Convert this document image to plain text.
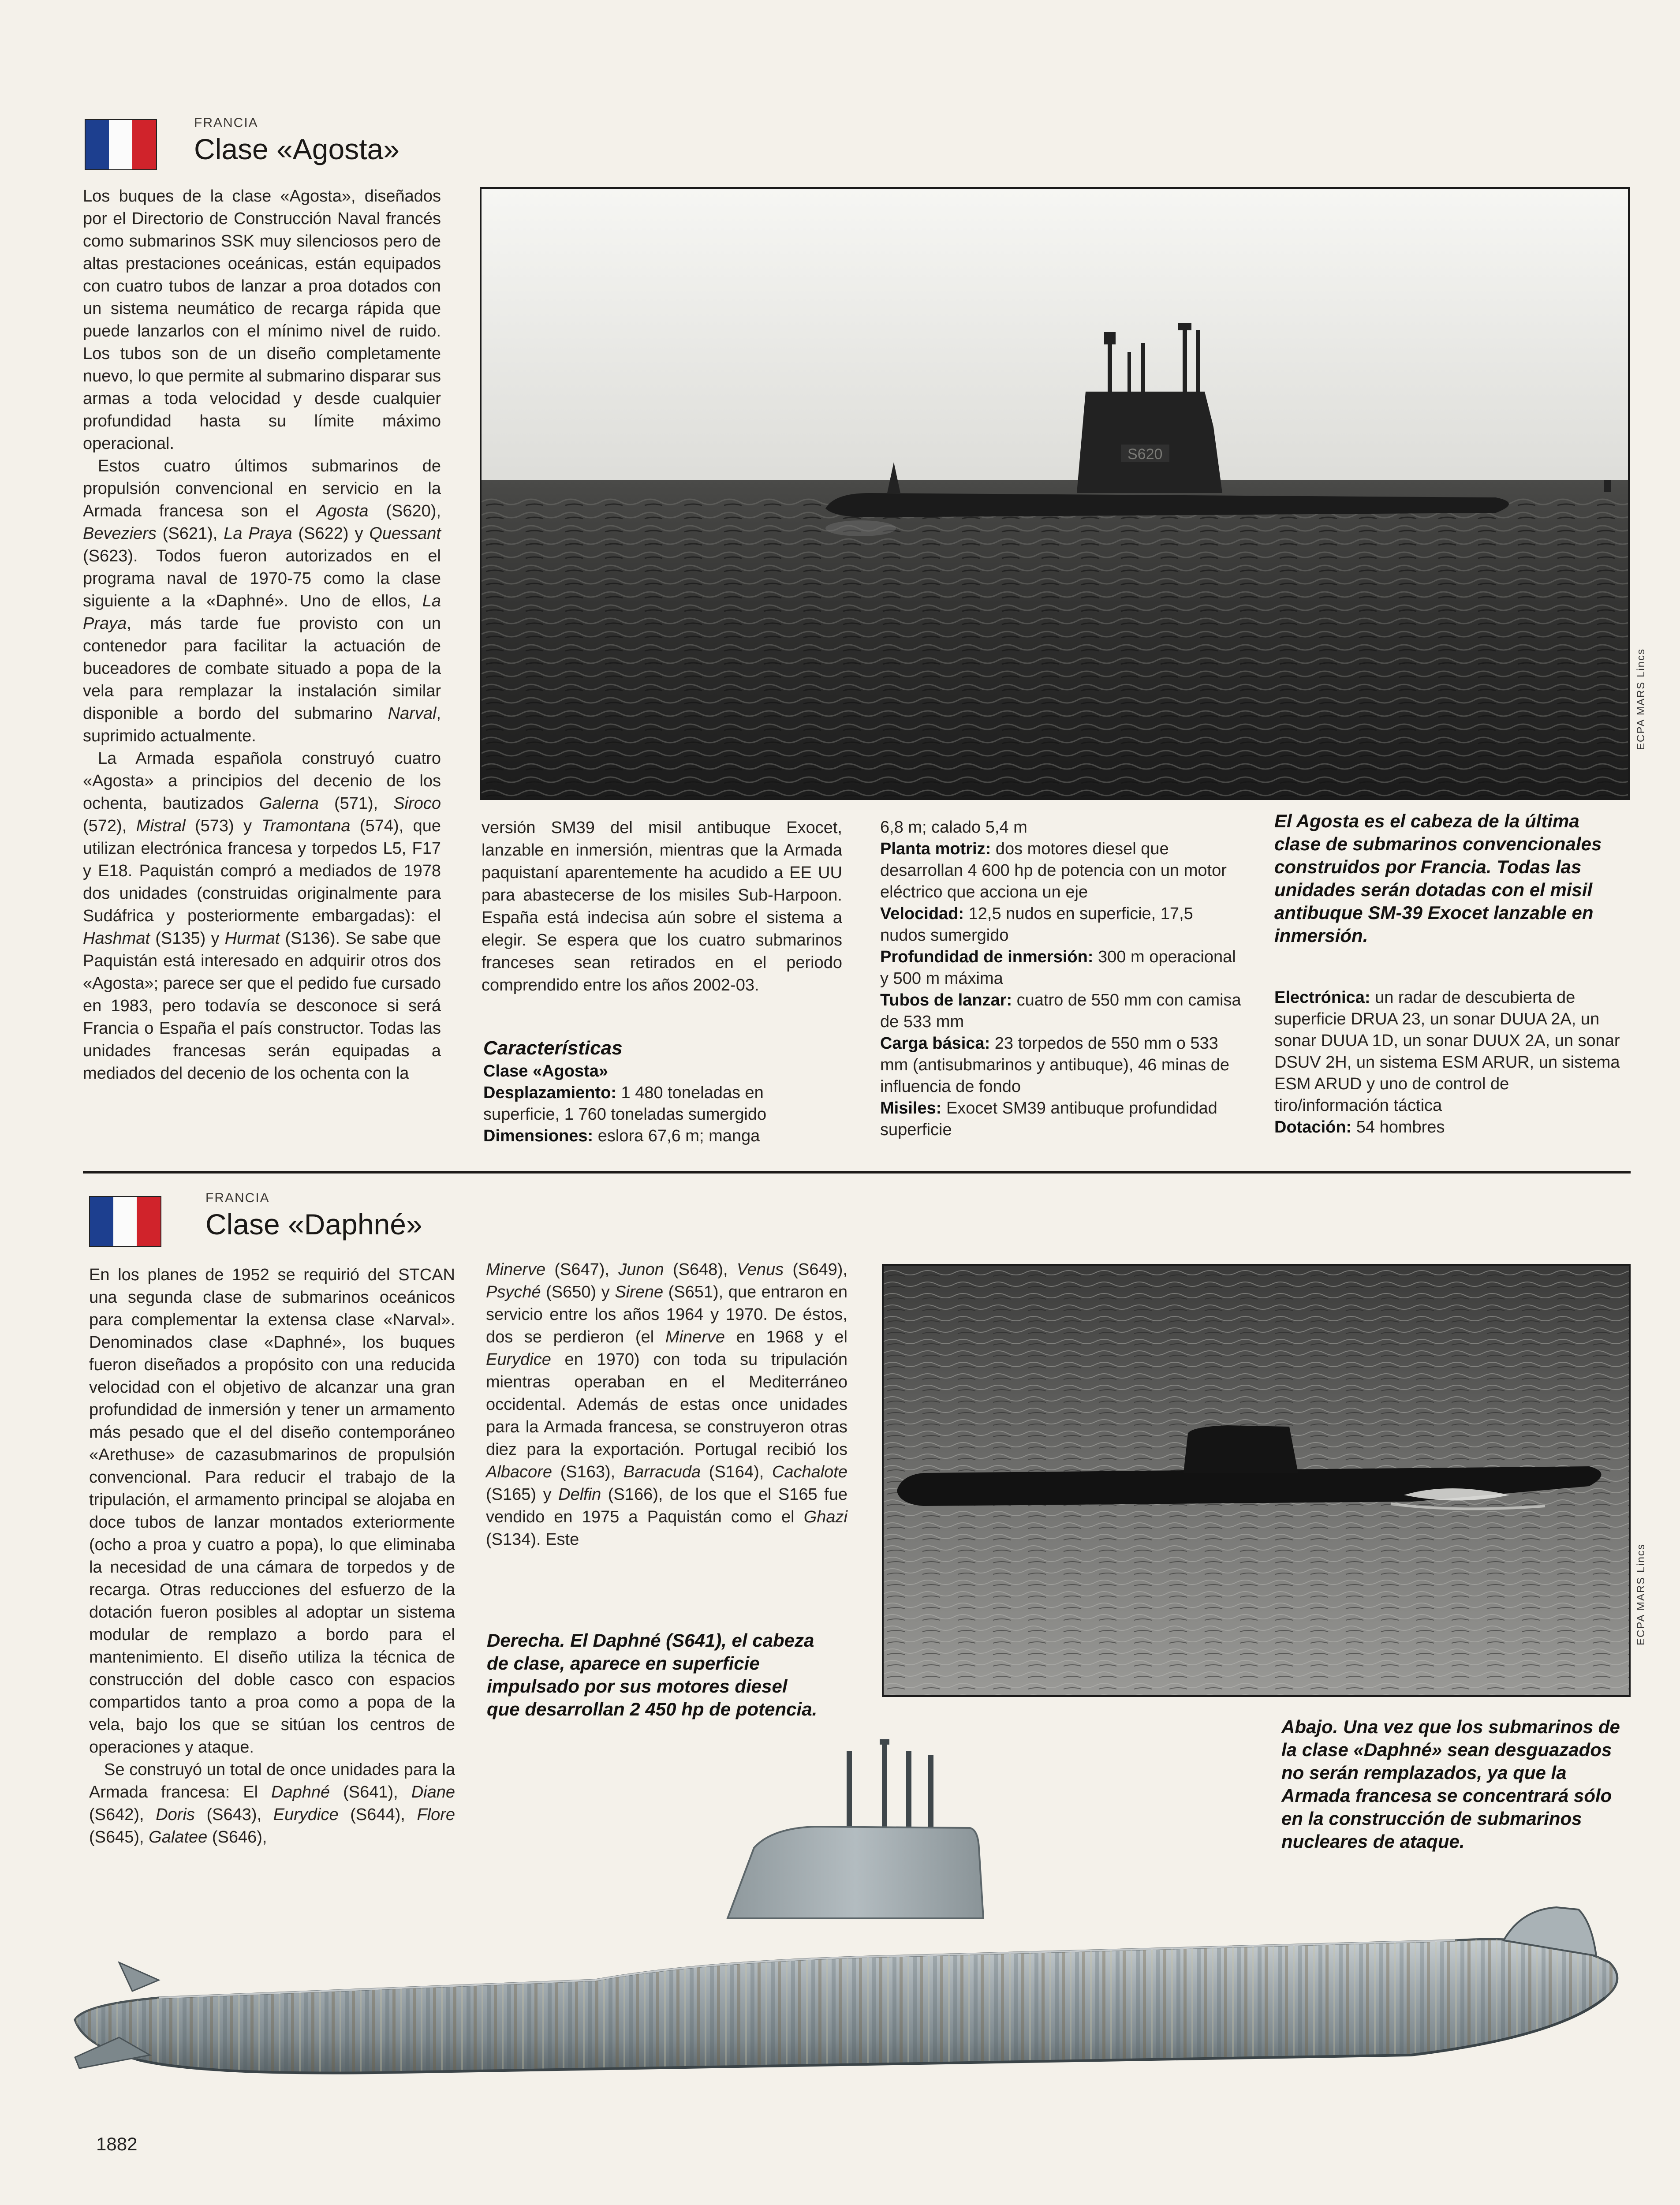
FRANCIA
Clase «Agosta»

Los buques de la clase «Agosta», diseñados por el Directorio de Construcción Naval francés como submarinos SSK muy silenciosos pero de altas prestaciones oceánicas, están equipados con cuatro tubos de lanzar a proa dotados con un sistema neumático de recarga rápida que puede lanzarlos con el mínimo nivel de ruido. Los tubos son de un diseño completamente nuevo, lo que permite al submarino disparar sus armas a toda velocidad y desde cualquier profundidad hasta su límite máximo operacional.

Estos cuatro últimos submarinos de propulsión convencional en servicio en la Armada francesa son el Agosta (S620), Beveziers (S621), La Praya (S622) y Quessant (S623). Todos fueron autorizados en el programa naval de 1970-75 como la clase siguiente a la «Daphné». Uno de ellos, La Praya, más tarde fue provisto con un contenedor para facilitar la actuación de buceadores de combate situado a popa de la vela para remplazar la instalación similar disponible a bordo del submarino Narval, suprimido actualmente.

La Armada española construyó cuatro «Agosta» a principios del decenio de los ochenta, bautizados Galerna (571), Siroco (572), Mistral (573) y Tramontana (574), que utilizan electrónica francesa y torpedos L5, F17 y E18. Paquistán compró a mediados de 1978 dos unidades (construidas originalmente para Sudáfrica y posteriormente embargadas): el Hashmat (S135) y Hurmat (S136). Se sabe que Paquistán está interesado en adquirir otros dos «Agosta»; parece ser que el pedido fue cursado en 1983, pero todavía se desconoce si será Francia o España el país constructor. Todas las unidades francesas serán equipadas a mediados del decenio de los ochenta con la

S620
ECPA MARS Lincs
versión SM39 del misil antibuque Exocet, lanzable en inmersión, mientras que la Armada paquistaní aparentemente ha acudido a EE UU para abastecerse de los misiles Sub-Harpoon. España está indecisa aún sobre el sistema a elegir. Se espera que los cuatro submarinos franceses sean retirados en el periodo comprendido entre los años 2002-03.
Características
Clase «Agosta»

Desplazamiento: 1 480 toneladas en superficie, 1 760 toneladas sumergido

Dimensiones: eslora 67,6 m; manga

6,8 m; calado 5,4 m

Planta motriz: dos motores diesel que desarrollan 4 600 hp de potencia con un motor eléctrico que acciona un eje

Velocidad: 12,5 nudos en superficie, 17,5 nudos sumergido

Profundidad de inmersión: 300 m operacional y 500 m máxima

Tubos de lanzar: cuatro de 550 mm con camisa de 533 mm

Carga básica: 23 torpedos de 550 mm o 533 mm (antisubmarinos y antibuque), 46 minas de influencia de fondo

Misiles: Exocet SM39 antibuque profundidad superficie

El Agosta es el cabeza de la última clase de submarinos convencionales construidos por Francia. Todas las unidades serán dotadas con el misil antibuque SM-39 Exocet lanzable en inmersión.

Electrónica: un radar de descubierta de superficie DRUA 23, un sonar DUUA 2A, un sonar DUUA 1D, un sonar DUUX 2A, un sonar DSUV 2H, un sistema ESM ARUR, un sistema ESM ARUD y uno de control de tiro/información táctica

Dotación: 54 hombres

FRANCIA
Clase «Daphné»

En los planes de 1952 se requirió del STCAN una segunda clase de submarinos oceánicos para complementar la extensa clase «Narval». Denominados clase «Daphné», los buques fueron diseñados a propósito con una reducida velocidad con el objetivo de alcanzar una gran profundidad de inmersión y tener un armamento más pesado que el del diseño contemporáneo «Arethuse» de cazasubmarinos de propulsión convencional. Para reducir el trabajo de la tripulación, el armamento principal se alojaba en doce tubos de lanzar montados exteriormente (ocho a proa y cuatro a popa), lo que eliminaba la necesidad de una cámara de torpedos y de recarga. Otras reducciones del esfuerzo de la dotación fueron posibles al adoptar un sistema modular de remplazo a bordo para el mantenimiento. El diseño utiliza la técnica de construcción del doble casco con espacios compartidos tanto a proa como a popa de la vela, bajo los que se sitúan los centros de operaciones y ataque.

Se construyó un total de once unidades para la Armada francesa: El Daphné (S641), Diane (S642), Doris (S643), Eurydice (S644), Flore (S645), Galatee (S646),

Minerve (S647), Junon (S648), Venus (S649), Psyché (S650) y Sirene (S651), que entraron en servicio entre los años 1964 y 1970. De éstos, dos se perdieron (el Minerve en 1968 y el Eurydice en 1970) con toda su tripulación mientras operaban en el Mediterráneo occidental. Además de estas once unidades para la Armada francesa, se construyeron otras diez para la exportación. Portugal recibió los Albacore (S163), Barracuda (S164), Cachalote (S165) y Delfin (S166), de los que el S165 fue vendido en 1975 a Paquistán como el Ghazi (S134). Este
Derecha. El Daphné (S641), el cabeza de clase, aparece en superficie impulsado por sus motores diesel que desarrollan 2 450 hp de potencia.
ECPA MARS Lincs
Abajo. Una vez que los submarinos de la clase «Daphné» sean desguazados no serán remplazados, ya que la Armada francesa se concentrará sólo en la construcción de submarinos nucleares de ataque.
1882
